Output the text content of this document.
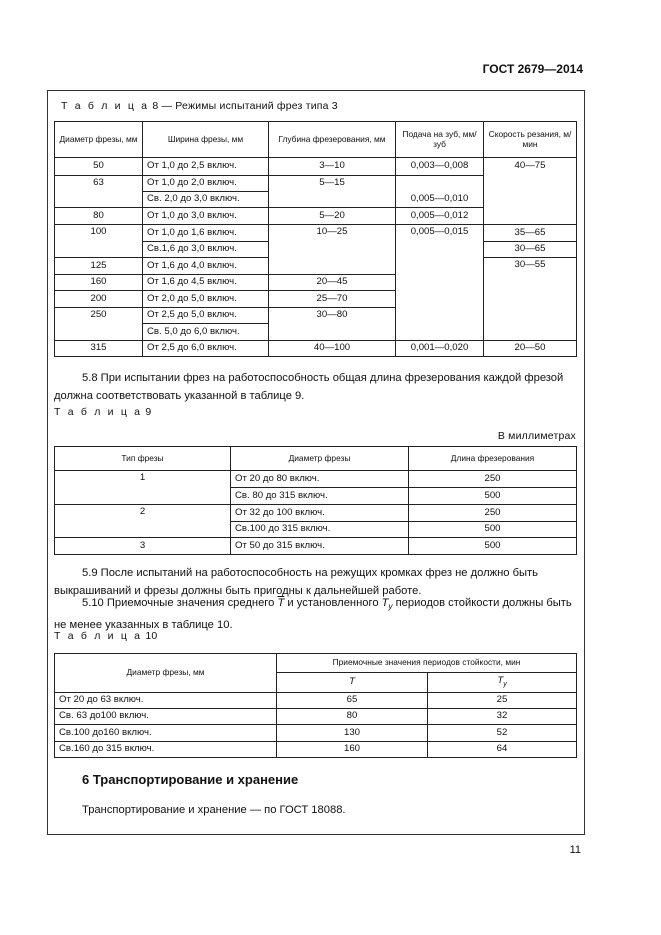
ГОСТ 2679—2014
Т а б л и ц а 8 — Режимы испытаний фрез типа 3
Диаметр фрезы, мм	Ширина фрезы, мм	Глубина фрезерования, мм	Подача на зуб, мм/зуб	Скорость резания, м/мин	
50	От 1,0 до 2,5 включ.	3—10	0,003—0,008	40—75	
63	От 1,0 до 2,0 включ.	5—15			
	Св. 2,0 до 3,0 включ.		0,005—0,010		
80	От 1,0 до 3,0 включ.	5—20	0,005—0,012		
100	От 1,0 до 1,6 включ.	10—25	0,005—0,015	35—65	
	Св.1,6 до 3,0 включ.			30—65	
125	От 1,6 до 4,0 включ.			30—55	
160	От 1,6 до 4,5 включ.	20—45			
200	От 2,0 до 5,0 включ.	25—70			
250	От 2,5 до 5,0 включ.	30—80			
	Св. 5,0 до 6,0 включ.	
315	От 2,5 до 6,0 включ.	40—100	0,001—0,020	20—50	
5.8 При испытании фрез на работоспособность общая длина фрезерования каждой фрезой должна соответствовать указанной в таблице 9.
Т а б л и ц а 9
В миллиметрах
Тип фрезы	Диаметр фрезы	Длина фрезерования
1	От 20 до 80 включ.	250
	Св. 80 до 315 включ.	500
2	От 32 до 100 включ.	250
	Св.100 до 315 включ.	500
3	От 50 до 315 включ.	500
5.9 После испытаний на работоспособность на режущих кромках фрез не должно быть выкрашиваний и фрезы должны быть пригодны к дальнейшей работе.
5.10 Приемочные значения среднего $\overline{T}$ и установленного $T_y$ периодов стойкости должны быть не менее указанных в таблице 10.
Т а б л и ц а 10
Диаметр фрезы, мм	Приемочные значения периодов стойкости, мин	
	T	$T_y$
От 20 до 63 включ.	65	25
Св. 63 до100 включ.	80	32
Св.100 до160 включ.	130	52
Св.160 до 315 включ.	160	64
6 Транспортирование и хранение
Транспортирование и хранение — по ГОСТ 18088.
11
